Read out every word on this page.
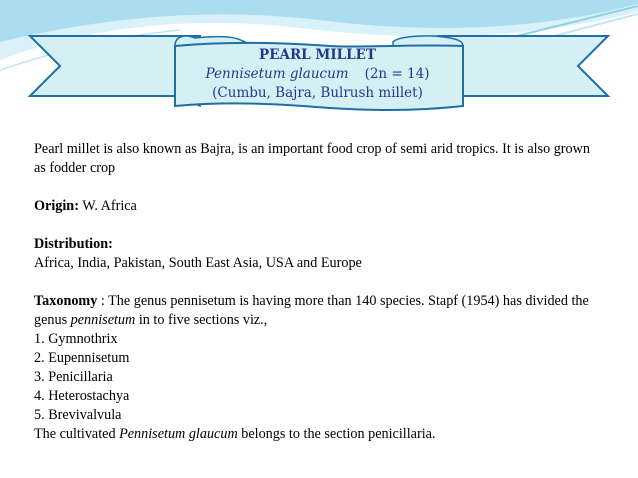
PEARL MILLET
Pennisetum glaucum (2n = 14)
(Cumbu, Bajra, Bulrush millet)

Pearl millet is also known as Bajra, is an important food crop of semi arid tropics. It is also grown as fodder crop

Origin: W. Africa

Distribution:

Africa, India, Pakistan, South East Asia, USA and Europe

Taxonomy : The genus pennisetum is having more than 140 species. Stapf (1954) has divided the genus pennisetum in to five sections viz.,

1. Gymnothrix
2. Eupennisetum
3. Penicillaria
4. Heterostachya
5. Brevivalvula

The cultivated Pennisetum glaucum belongs to the section penicillaria.
